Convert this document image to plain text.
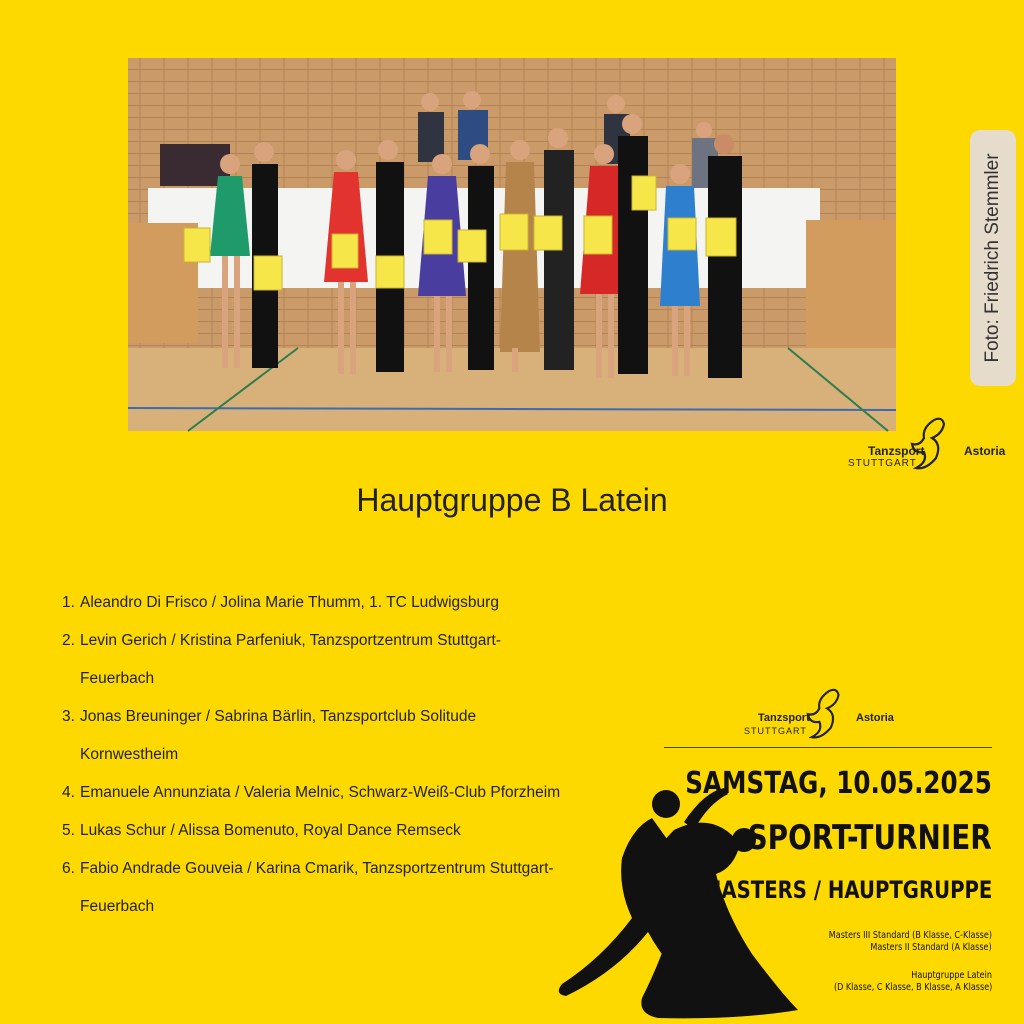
Foto: Friedrich Stemmler
Tanzsport	Astoria
STUTTGART
Hauptgruppe B Latein
1. Aleandro Di Frisco / Jolina Marie Thumm, 1. TC Ludwigsburg
2. Levin Gerich / Kristina Parfeniuk, Tanzsportzentrum Stuttgart-Feuerbach
3. Jonas Breuninger / Sabrina Bärlin, Tanzsportclub Solitude Kornwestheim
4. Emanuele Annunziata / Valeria Melnic, Schwarz-Weiß-Club Pforzheim
5. Lukas Schur / Alissa Bomenuto, Royal Dance Remseck
6. Fabio Andrade Gouveia / Karina Cmarik, Tanzsportzentrum Stuttgart-Feuerbach
Tanzsport	Astoria
STUTTGART
SAMSTAG, 10.05.2025
SPORT-TURNIER
MASTERS / HAUPTGRUPPE
Masters III Standard (B Klasse, C-Klasse)
Masters II Standard (A Klasse)
Hauptgruppe Latein
(D Klasse, C Klasse, B Klasse, A Klasse)
